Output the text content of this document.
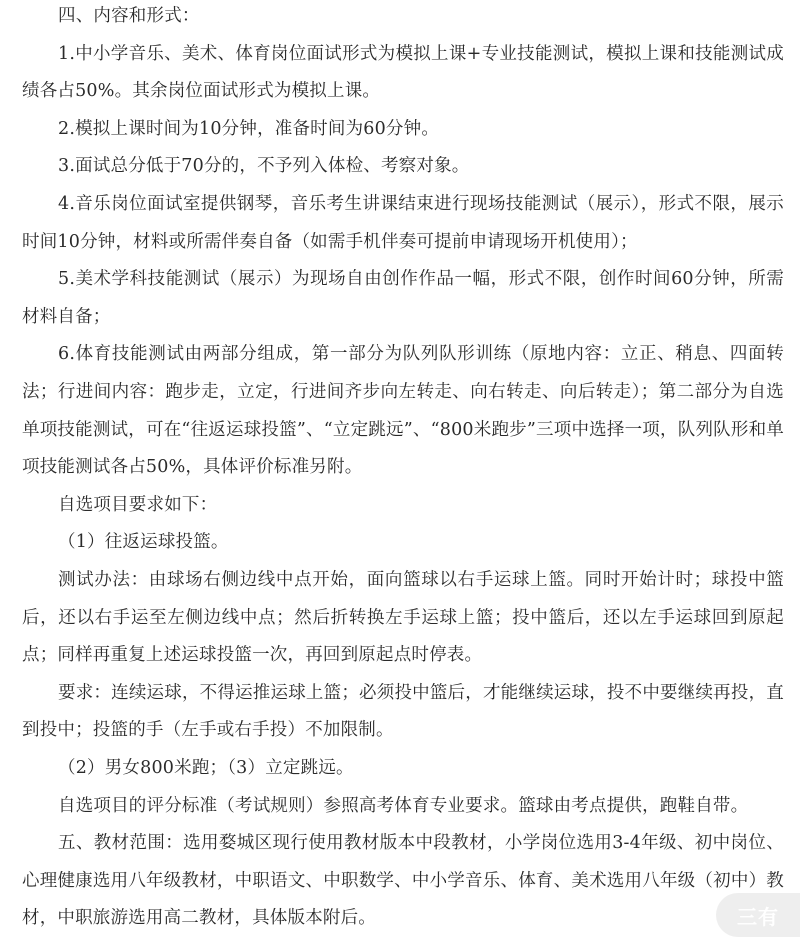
四、内容和形式：

1.中小学音乐、美术、体育岗位面试形式为模拟上课+专业技能测试，模拟上课和技能测试成绩各占50%。其余岗位面试形式为模拟上课。

2.模拟上课时间为10分钟，准备时间为60分钟。

3.面试总分低于70分的，不予列入体检、考察对象。

4.音乐岗位面试室提供钢琴，音乐考生讲课结束进行现场技能测试（展示），形式不限，展示时间10分钟，材料或所需伴奏自备（如需手机伴奏可提前申请现场开机使用）；

5.美术学科技能测试（展示）为现场自由创作作品一幅，形式不限，创作时间60分钟，所需材料自备；

6.体育技能测试由两部分组成，第一部分为队列队形训练（原地内容：立正、稍息、四面转法；行进间内容：跑步走，立定，行进间齐步向左转走、向右转走、向后转走）；第二部分为自选单项技能测试，可在“往返运球投篮”、“立定跳远”、“800米跑步”三项中选择一项，队列队形和单项技能测试各占50%，具体评价标准另附。

自选项目要求如下：

（1）往返运球投篮。

测试办法：由球场右侧边线中点开始，面向篮球以右手运球上篮。同时开始计时；球投中篮后，还以右手运至左侧边线中点；然后折转换左手运球上篮；投中篮后，还以左手运球回到原起点；同样再重复上述运球投篮一次，再回到原起点时停表。

要求：连续运球，不得运推运球上篮；必须投中篮后，才能继续运球，投不中要继续再投，直到投中；投篮的手（左手或右手投）不加限制。

（2）男女800米跑；（3）立定跳远。

自选项目的评分标准（考试规则）参照高考体育专业要求。篮球由考点提供，跑鞋自带。

五、教材范围：选用婺城区现行使用教材版本中段教材，小学岗位选用3-4年级、初中岗位、心理健康选用八年级教材，中职语文、中职数学、中小学音乐、体育、美术选用八年级（初中）教材，中职旅游选用高二教材，具体版本附后。	三有
